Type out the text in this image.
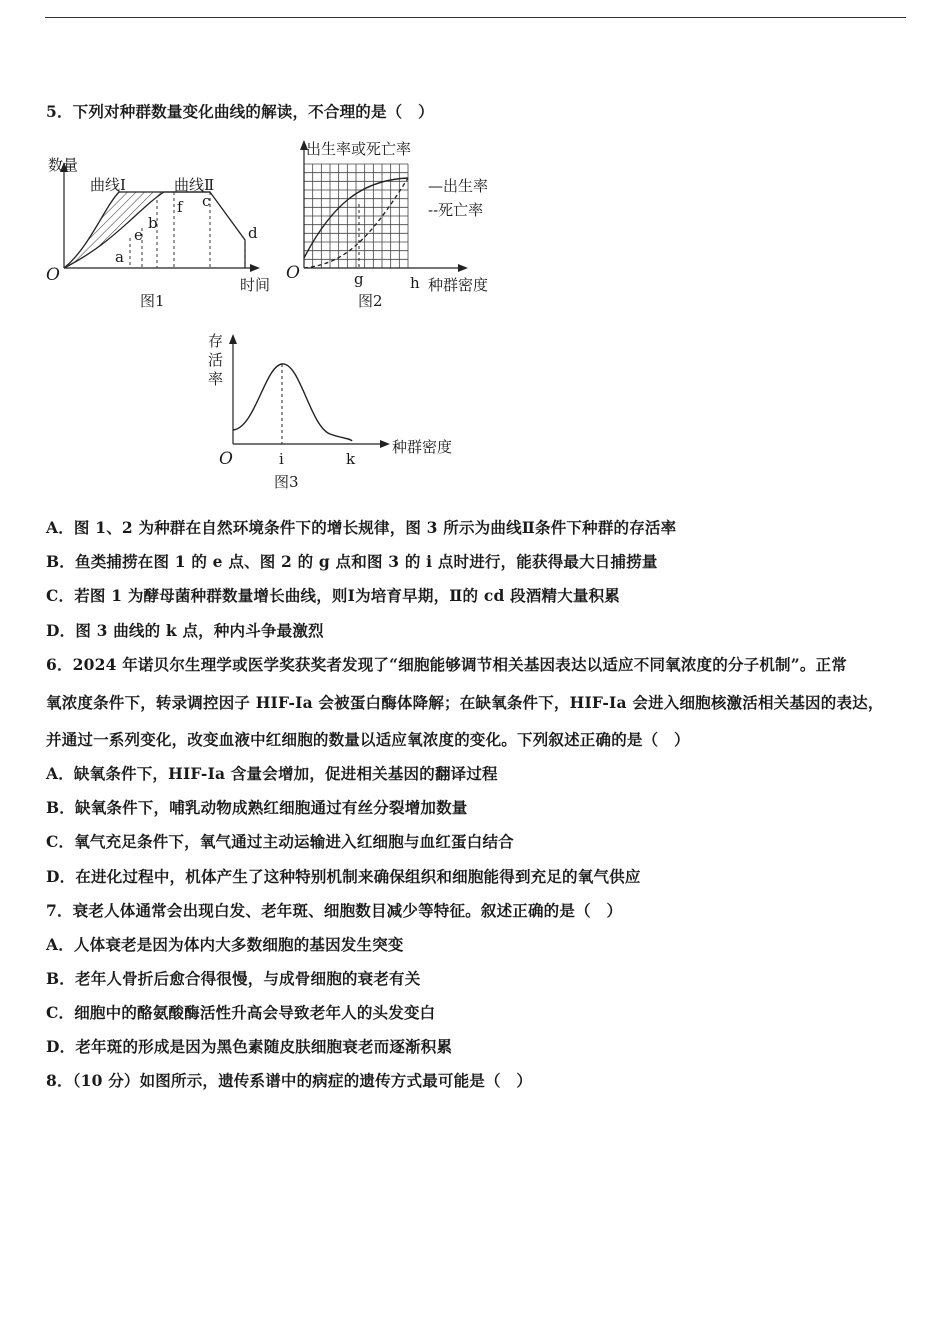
5．下列对种群数量变化曲线的解读，不合理的是（　）
数量
曲线Ⅰ	曲线Ⅱ
a
e
b
f c
d
O	时间
图1
出生率或死亡率
—出生率
--死亡率
O	g	h 种群密度
图2
存
活
率
O	i	k
种群密度
图3
A．图 1、2 为种群在自然环境条件下的增长规律，图 3 所示为曲线Ⅱ条件下种群的存活率
B．鱼类捕捞在图 1 的 e 点、图 2 的 g 点和图 3 的 i 点时进行，能获得最大日捕捞量
C．若图 1 为酵母菌种群数量增长曲线，则Ⅰ为培育早期，Ⅱ的 cd 段酒精大量积累
D．图 3 曲线的 k 点，种内斗争最激烈
6．2024 年诺贝尔生理学或医学奖获奖者发现了“细胞能够调节相关基因表达以适应不同氧浓度的分子机制”。正常
氧浓度条件下，转录调控因子 HIF-Ia 会被蛋白酶体降解；在缺氧条件下，HIF-Ia 会进入细胞核激活相关基因的表达，
并通过一系列变化，改变血液中红细胞的数量以适应氧浓度的变化。下列叙述正确的是（　）
A．缺氧条件下，HIF-Ia 含量会增加，促进相关基因的翻译过程
B．缺氧条件下，哺乳动物成熟红细胞通过有丝分裂增加数量
C．氧气充足条件下，氧气通过主动运输进入红细胞与血红蛋白结合
D．在进化过程中，机体产生了这种特别机制来确保组织和细胞能得到充足的氧气供应
7．衰老人体通常会出现白发、老年斑、细胞数目减少等特征。叙述正确的是（　）
A．人体衰老是因为体内大多数细胞的基因发生突变
B．老年人骨折后愈合得很慢，与成骨细胞的衰老有关
C．细胞中的酪氨酸酶活性升高会导致老年人的头发变白
D．老年斑的形成是因为黑色素随皮肤细胞衰老而逐渐积累
8．（10 分）如图所示，遗传系谱中的病症的遗传方式最可能是（　）
